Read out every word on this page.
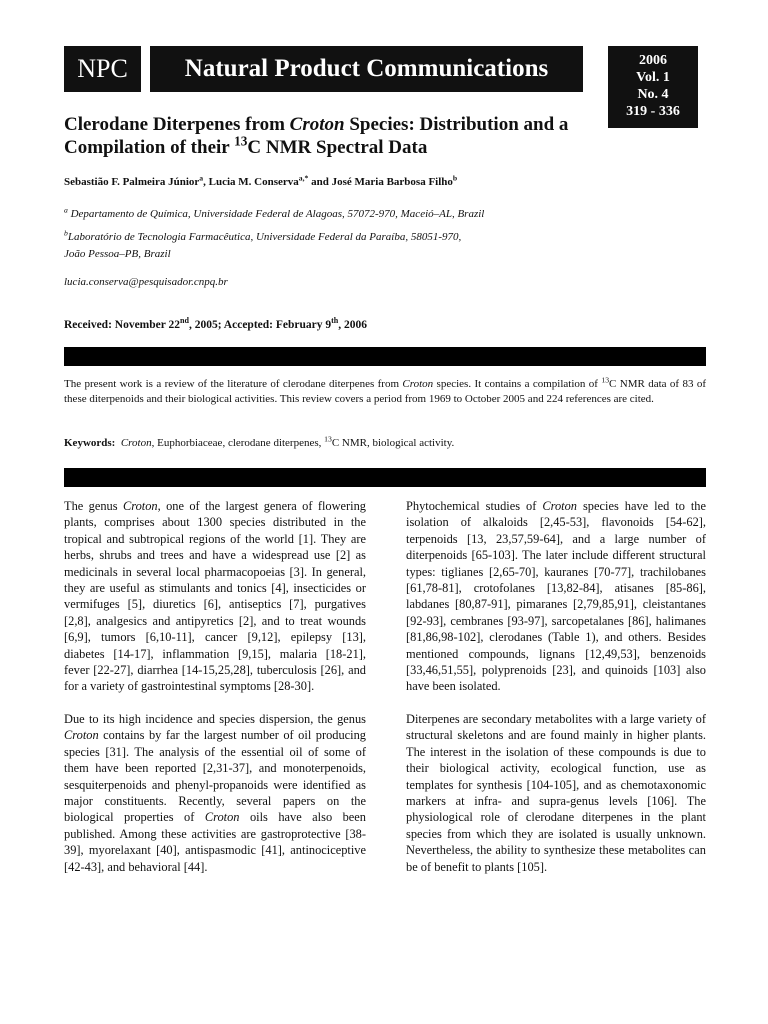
NPC Natural Product Communications	2006
Vol. 1
No. 4
319 - 336
Clerodane Diterpenes from Croton Species: Distribution and a Compilation of their $^{13}$C NMR Spectral Data
Sebastião F. Palmeira Júnior$^a$, Lucia M. Conserva$^{a,*}$ and José Maria Barbosa Filho$^b$
$^a$ Departamento de Química, Universidade Federal de Alagoas, 57072-970, Maceió–AL, Brazil
$^b$Laboratório de Tecnologia Farmacêutica, Universidade Federal da Paraíba, 58051-970,
João Pessoa–PB, Brazil
lucia.conserva@pesquisador.cnpq.br
Received: November 22nd, 2005; Accepted: February 9th, 2006
The present work is a review of the literature of clerodane diterpenes from Croton species. It contains a compilation of $^{13}$C NMR data of 83 of these diterpenoids and their biological activities. This review covers a period from 1969 to October 2005 and 224 references are cited.
Keywords: Croton, Euphorbiaceae, clerodane diterpenes, $^{13}$C NMR, biological activity.

The genus Croton, one of the largest genera of flowering plants, comprises about 1300 species distributed in the tropical and subtropical regions of the world [1]. They are herbs, shrubs and trees and have a widespread use [2] as medicinals in several local pharmacopoeias [3]. In general, they are useful as stimulants and tonics [4], insecticides or vermifuges [5], diuretics [6], antiseptics [7], purgatives [2,8], analgesics and antipyretics [2], and to treat wounds [6,9], tumors [6,10-11], cancer [9,12], epilepsy [13], diabetes [14-17], inflammation [9,15], malaria [18-21], fever [22-27], diarrhea [14-15,25,28], tuberculosis [26], and for a variety of gastrointestinal symptoms [28-30].

Due to its high incidence and species dispersion, the genus Croton contains by far the largest number of oil producing species [31]. The analysis of the essential oil of some of them have been reported [2,31-37], and monoterpenoids, sesquiterpenoids and phenyl-propanoids were identified as major constituents. Recently, several papers on the biological properties of Croton oils have also been published. Among these activities are gastroprotective [38-39], myorelaxant [40], antispasmodic [41], antinociceptive [42-43], and behavioral [44].

Phytochemical studies of Croton species have led to the isolation of alkaloids [2,45-53], flavonoids [54-62], terpenoids [13, 23,57,59-64], and a large number of diterpenoids [65-103]. The later include different structural types: tiglianes [2,65-70], kauranes [70-77], trachilobanes [61,78-81], crotofolanes [13,82-84], atisanes [85-86], labdanes [80,87-91], pimaranes [2,79,85,91], cleistantanes [92-93], cembranes [93-97], sarcopetalanes [86], halimanes [81,86,98-102], clerodanes (Table 1), and others. Besides mentioned compounds, lignans [12,49,53], benzenoids [33,46,51,55], polyprenoids [23], and quinoids [103] also have been isolated.

Diterpenes are secondary metabolites with a large variety of structural skeletons and are found mainly in higher plants. The interest in the isolation of these compounds is due to their biological activity, ecological function, use as templates for synthesis [104-105], and as chemotaxonomic markers at infra- and supra-genus levels [106]. The physiological role of clerodane diterpenes in the plant species from which they are isolated is usually unknown. Nevertheless, the ability to synthesize these metabolites can be of benefit to plants [105].
